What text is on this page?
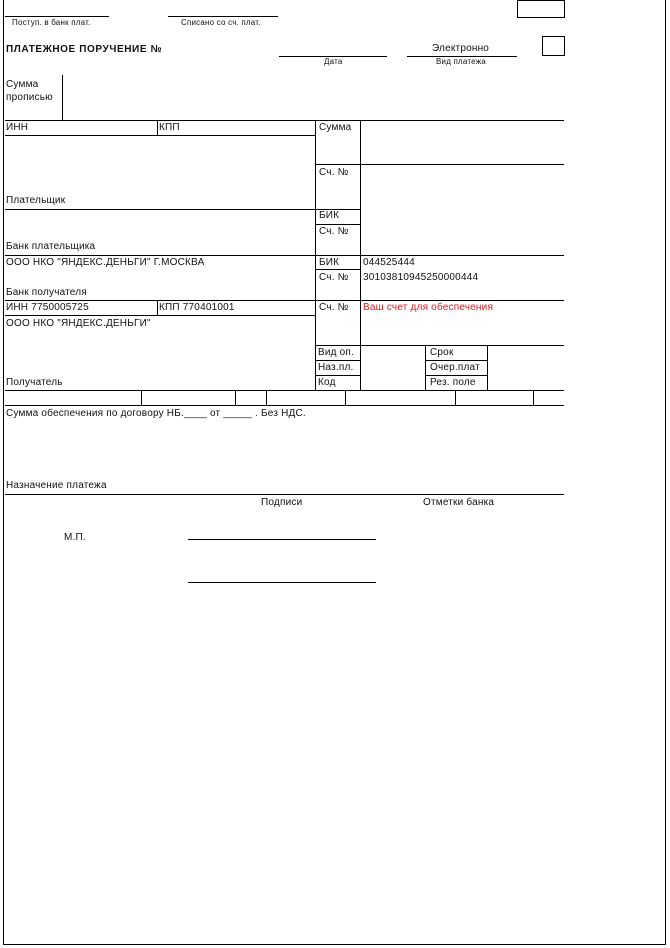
Поступ. в банк плат.	Списано со сч. плат.
ПЛАТЕЖНОЕ ПОРУЧЕНИЕ №
Дата
Электронно
Вид платежа
Сумма
прописью
ИНН	КПП	Сумма
Сч. №
Плательщик
БИК
Сч. №
Банк плательщика
ООО НКО "ЯНДЕКС.ДЕНЬГИ" Г.МОСКВА	БИК 044525444
Сч. № 30103810945250000444
Банк получателя
ИНН 7750005725	КПП 770401001	Сч. № Ваш счет для обеспечения
ООО НКО "ЯНДЕКС.ДЕНЬГИ"
Вид оп.	Срок
Наз.пл.	Очер.плат
Код	Рез. поле
Получатель
Сумма обеспечения по договору НБ.____ от _____ . Без НДС.
Назначение платежа
Подписи	Отметки банка
М.П.
